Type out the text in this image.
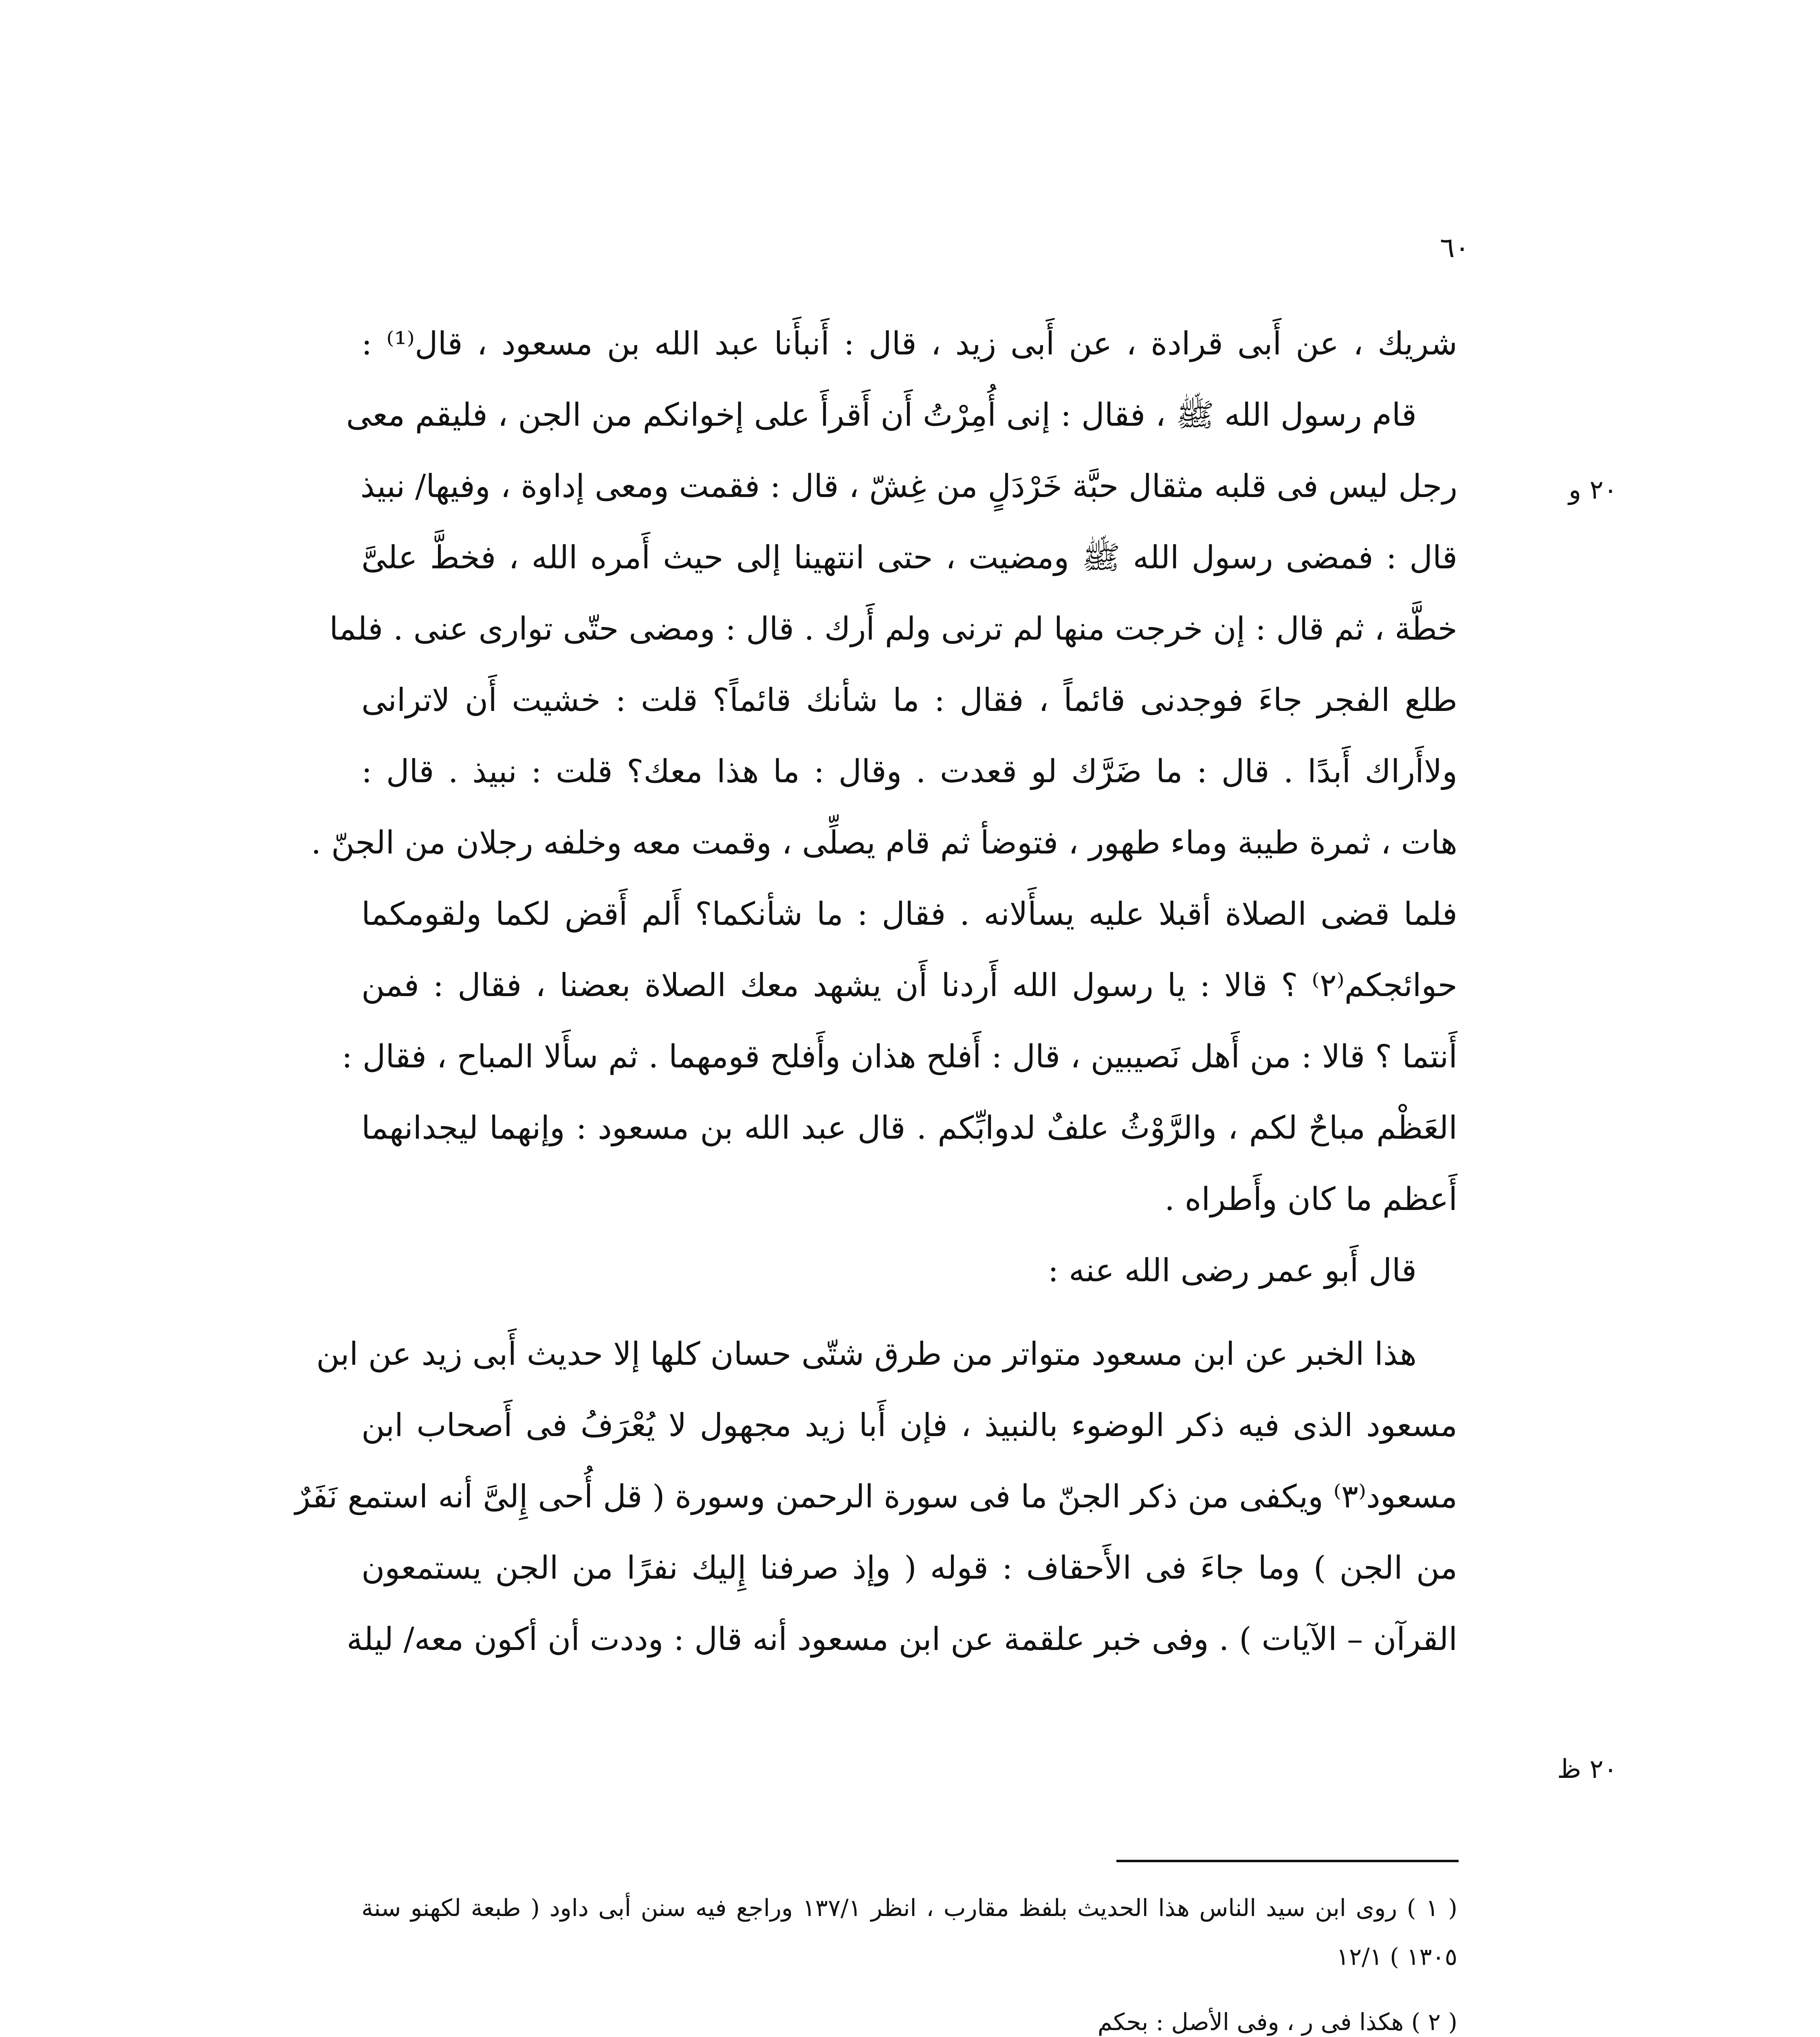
٦٠
٢٠ و
٢٠ ظ
شريك ، عن أَبى قرادة ، عن أَبى زيد ، قال : أَنبأَنا عبد الله بن مسعود ، قال⁽¹⁾ :
قام رسول الله ﷺ ، فقال : إنى أُمِرْتُ أَن أَقرأَ على إخوانكم من الجن ، فليقم معى
رجل ليس فى قلبه مثقال حبَّة خَرْدَلٍ من غِشّ ، قال : فقمت ومعى إداوة ، وفيها/ نبيذ
قال : فمضى رسول الله ﷺ ومضيت ، حتى انتهينا إلى حيث أَمره الله ، فخطَّ علىَّ
خطَّة ، ثم قال : إن خرجت منها لم ترنى ولم أَرك . قال : ومضى حتّى توارى عنى . فلما
طلع الفجر جاءَ فوجدنى قائماً ، فقال : ما شأنك قائماً؟ قلت : خشيت أَن لاترانى
ولاأَراك أَبدًا . قال : ما ضَرَّك لو قعدت . وقال : ما هذا معك؟ قلت : نبيذ . قال :
هات ، ثمرة طيبة وماء طهور ، فتوضأ ثم قام يصلِّى ، وقمت معه وخلفه رجلان من الجنّ .
فلما قضى الصلاة أقبلا عليه يسأَلانه . فقال : ما شأنكما؟ أَلم أَقض لكما ولقومكما
حوائجكم⁽٢⁾ ؟ قالا : يا رسول الله أَردنا أَن يشهد معك الصلاة بعضنا ، فقال : فمن
أَنتما ؟ قالا : من أَهل نَصيبين ، قال : أَفلح هذان وأَفلح قومهما . ثم سأَلا المباح ، فقال :
العَظْم مباحٌ لكم ، والرَّوْثُ علفٌ لدوابِّكم . قال عبد الله بن مسعود : وإنهما ليجدانهما
أَعظم ما كان وأَطراه .
قال أَبو عمر رضى الله عنه :
هذا الخبر عن ابن مسعود متواتر من طرق شتّى حسان كلها إلا حديث أَبى زيد عن ابن
مسعود الذى فيه ذكر الوضوء بالنبيذ ، فإن أَبا زيد مجهول لا يُعْرَفُ فى أَصحاب ابن
مسعود⁽٣⁾ ويكفى من ذكر الجنّ ما فى سورة الرحمن وسورة ( قل أُحى إِلىَّ أنه استمع نَفَرٌ
من الجن ) وما جاءَ فى الأَحقاف : قوله ( وإذ صرفنا إِليك نفرًا من الجن يستمعون
القرآن – الآيات ) . وفى خبر علقمة عن ابن مسعود أنه قال : وددت أن أكون معه/ ليلة
( ١ ) روى ابن سيد الناس هذا الحديث بلفظ مقارب ، انظر ١٣٧/١ وراجع فيه سنن أبى داود ( طبعة لكهنو سنة
١٣٠٥ ) ١٢/١
( ٢ ) هكذا فى ر ، وفى الأصل : بحكم
